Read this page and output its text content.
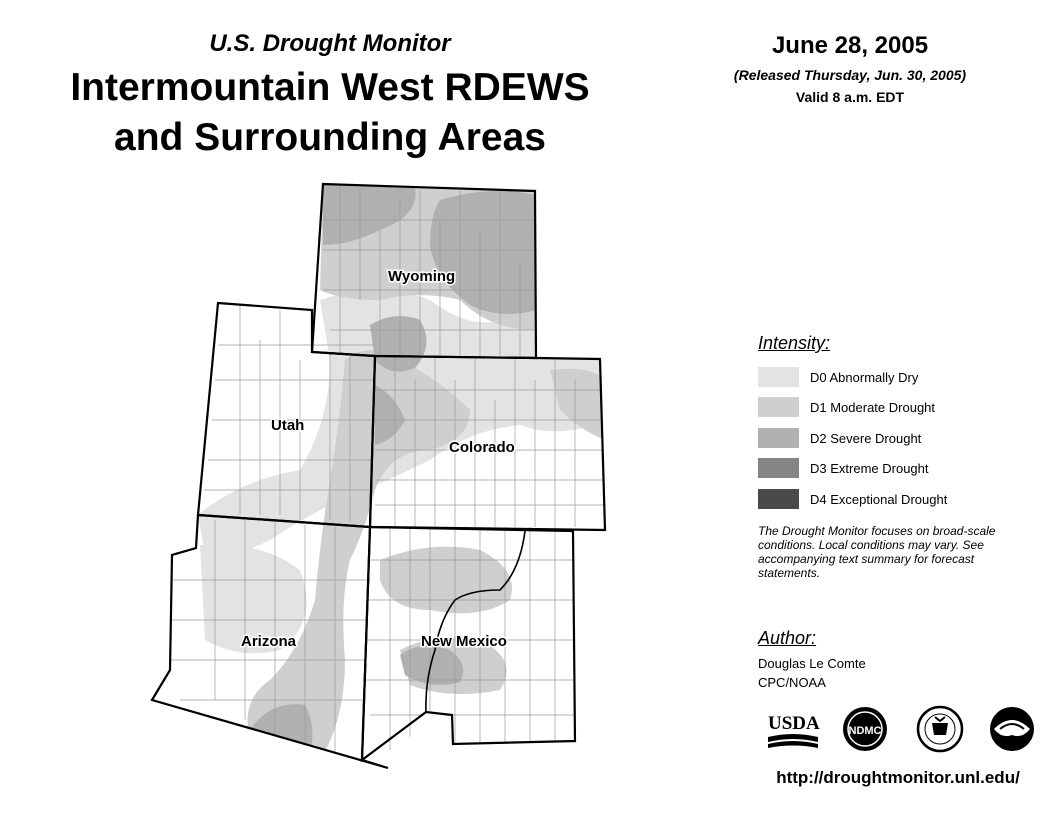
U.S. Drought Monitor
Intermountain West RDEWS
and Surrounding Areas
June 28, 2005
(Released Thursday, Jun. 30, 2005)
Valid 8 a.m. EDT
Wyoming
Utah
Colorado
Arizona	New Mexico
Intensity:
D0 Abnormally Dry
D1 Moderate Drought
D2 Severe Drought
D3 Extreme Drought
D4 Exceptional Drought
The Drought Monitor focuses on broad-scale conditions. Local conditions may vary. See accompanying text summary for forecast statements.
Author:
Douglas Le Comte
CPC/NOAA
USDA	NDMC
http://droughtmonitor.unl.edu/
